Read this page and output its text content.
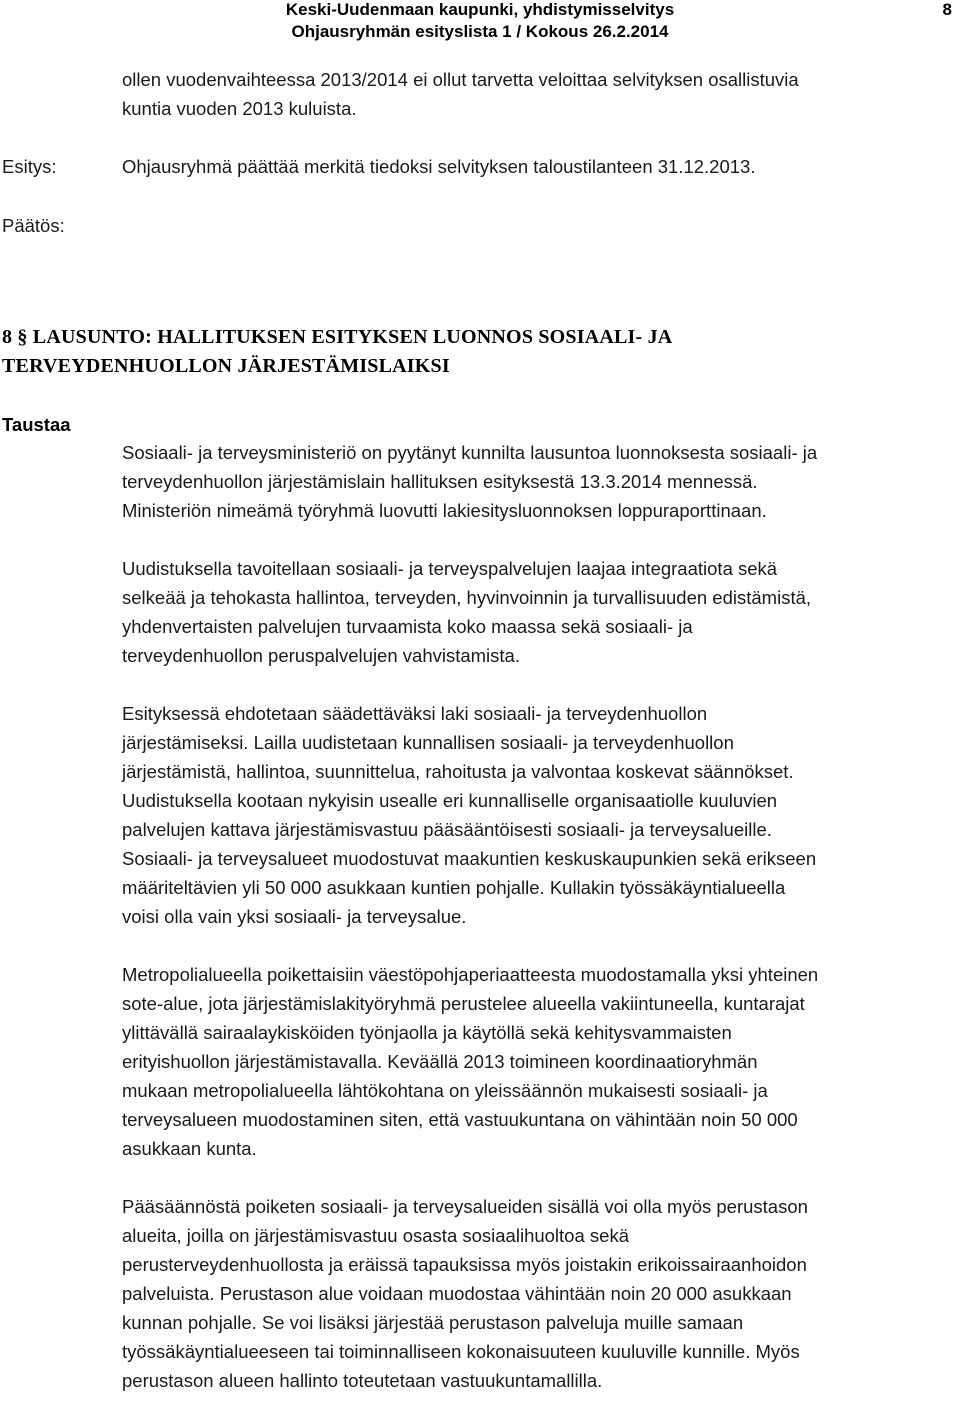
Keski-Uudenmaan kaupunki, yhdistymisselvitys

Ohjausryhmän esityslista 1 / Kokous 26.2.2014

8

ollen vuodenvaihteessa 2013/2014 ei ollut tarvetta veloittaa selvityksen osallistuvia

kuntia vuoden 2013 kuluista.

Esitys:	Ohjausryhmä päättää merkitä tiedoksi selvityksen taloustilanteen 31.12.2013.

Päätös:

8 § LAUSUNTO: HALLITUKSEN ESITYKSEN LUONNOS SOSIAALI- JA
TERVEYDENHUOLLON JÄRJESTÄMISLAIKSI

Taustaa

Sosiaali- ja terveysministeriö on pyytänyt kunnilta lausuntoa luonnoksesta sosiaali- ja

terveydenhuollon järjestämislain hallituksen esityksestä 13.3.2014 mennessä.

Ministeriön nimeämä työryhmä luovutti lakiesitysluonnoksen loppuraporttinaan.

Uudistuksella tavoitellaan sosiaali- ja terveyspalvelujen laajaa integraatiota sekä

selkeää ja tehokasta hallintoa, terveyden, hyvinvoinnin ja turvallisuuden edistämistä,

yhdenvertaisten palvelujen turvaamista koko maassa sekä sosiaali- ja

terveydenhuollon peruspalvelujen vahvistamista.

Esityksessä ehdotetaan säädettäväksi laki sosiaali- ja terveydenhuollon

järjestämiseksi. Lailla uudistetaan kunnallisen sosiaali- ja terveydenhuollon

järjestämistä, hallintoa, suunnittelua, rahoitusta ja valvontaa koskevat säännökset.

Uudistuksella kootaan nykyisin usealle eri kunnalliselle organisaatiolle kuuluvien

palvelujen kattava järjestämisvastuu pääsääntöisesti sosiaali- ja terveysalueille.

Sosiaali- ja terveysalueet muodostuvat maakuntien keskuskaupunkien sekä erikseen

määriteltävien yli 50 000 asukkaan kuntien pohjalle. Kullakin työssäkäyntialueella

voisi olla vain yksi sosiaali- ja terveysalue.

Metropolialueella poikettaisiin väestöpohjaperiaatteesta muodostamalla yksi yhteinen

sote-alue, jota järjestämislakityöryhmä perustelee alueella vakiintuneella, kuntarajat

ylittävällä sairaalaykisköiden työnjaolla ja käytöllä sekä kehitysvammaisten

erityishuollon järjestämistavalla. Keväällä 2013 toimineen koordinaatioryhmän

mukaan metropolialueella lähtökohtana on yleissäännön mukaisesti sosiaali- ja

terveysalueen muodostaminen siten, että vastuukuntana on vähintään noin 50 000

asukkaan kunta.

Pääsäännöstä poiketen sosiaali- ja terveysalueiden sisällä voi olla myös perustason

alueita, joilla on järjestämisvastuu osasta sosiaalihuoltoa sekä

perusterveydenhuollosta ja eräissä tapauksissa myös joistakin erikoissairaanhoidon

palveluista. Perustason alue voidaan muodostaa vähintään noin 20 000 asukkaan

kunnan pohjalle. Se voi lisäksi järjestää perustason palveluja muille samaan

työssäkäyntialueeseen tai toiminnalliseen kokonaisuuteen kuuluville kunnille. Myös

perustason alueen hallinto toteutetaan vastuukuntamallilla.
